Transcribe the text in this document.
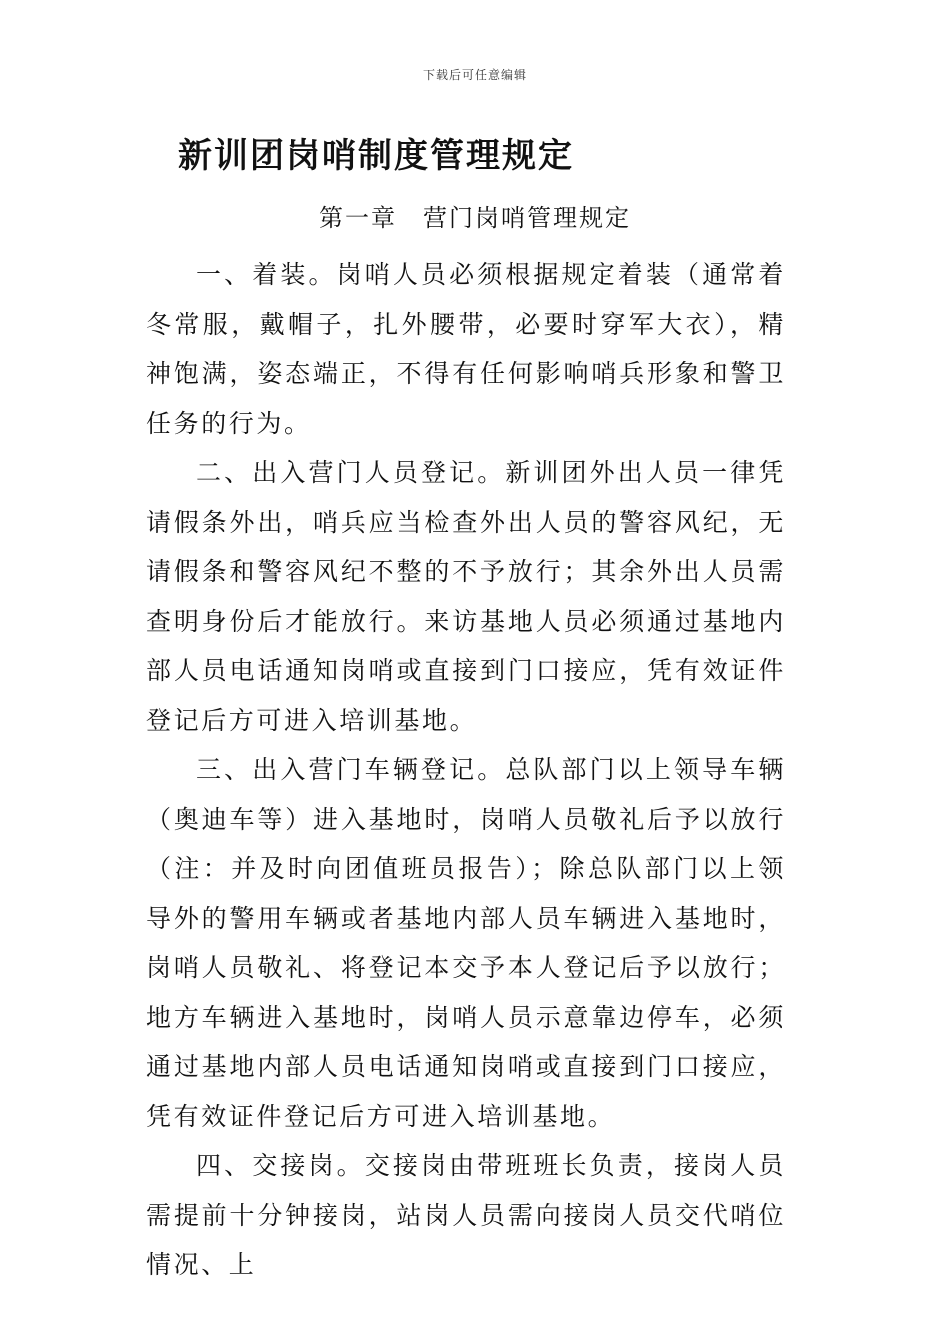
下载后可任意编辑
新训团岗哨制度管理规定
第一章　营门岗哨管理规定

一、着装。岗哨人员必须根据规定着装（通常着冬常服，戴帽子，扎外腰带，必要时穿军大衣），精神饱满，姿态端正，不得有任何影响哨兵形象和警卫任务的行为。

二、出入营门人员登记。新训团外出人员一律凭请假条外出，哨兵应当检查外出人员的警容风纪，无请假条和警容风纪不整的不予放行；其余外出人员需查明身份后才能放行。来访基地人员必须通过基地内部人员电话通知岗哨或直接到门口接应，凭有效证件登记后方可进入培训基地。

三、出入营门车辆登记。总队部门以上领导车辆（奥迪车等）进入基地时，岗哨人员敬礼后予以放行（注：并及时向团值班员报告）；除总队部门以上领导外的警用车辆或者基地内部人员车辆进入基地时，岗哨人员敬礼、将登记本交予本人登记后予以放行；地方车辆进入基地时，岗哨人员示意靠边停车，必须通过基地内部人员电话通知岗哨或直接到门口接应，凭有效证件登记后方可进入培训基地。

四、交接岗。交接岗由带班班长负责，接岗人员需提前十分钟接岗，站岗人员需向接岗人员交代哨位情况、上
